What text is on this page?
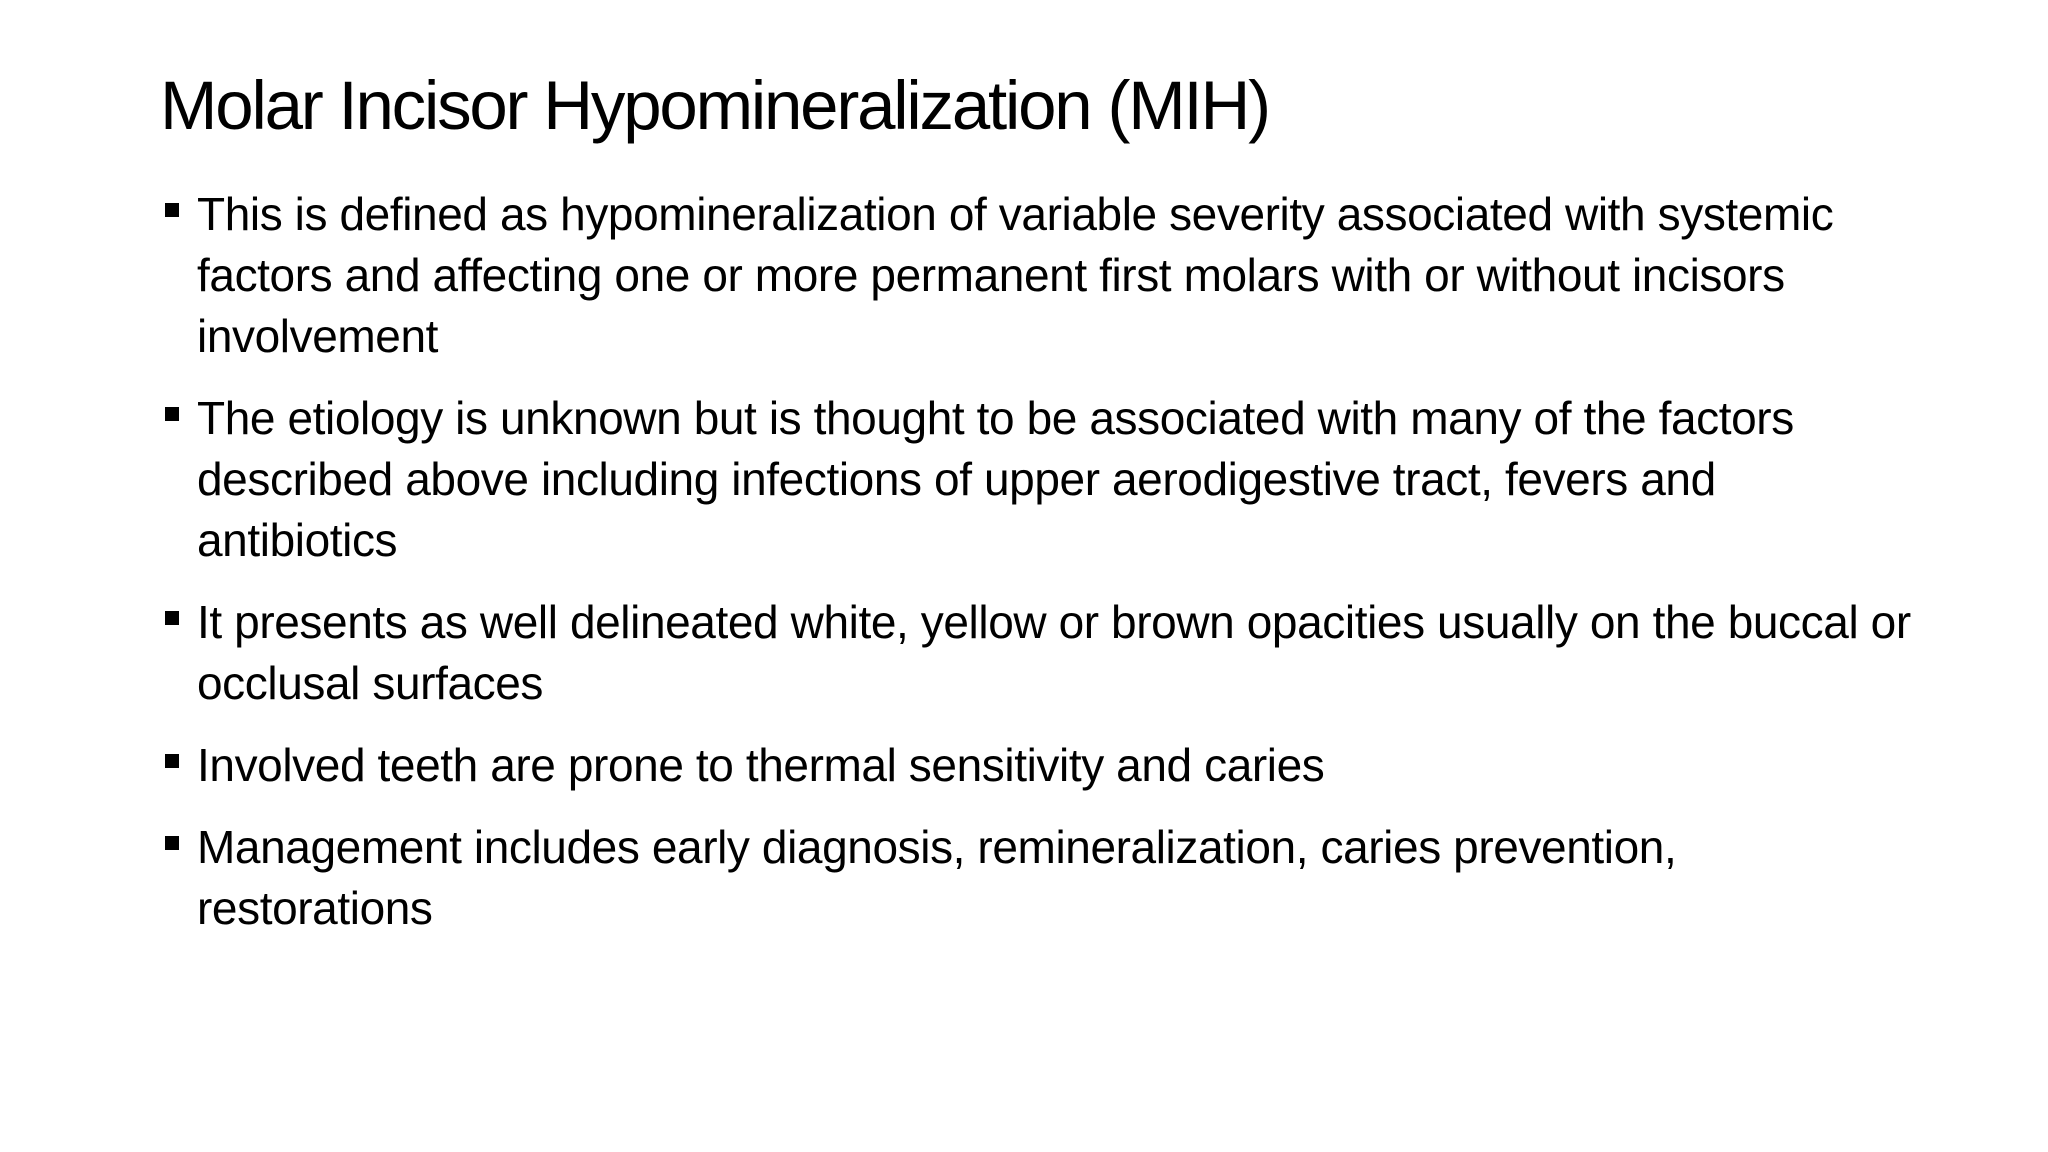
Molar Incisor Hypomineralization (MIH)
This is defined as hypomineralization of variable severity associated with systemic factors and affecting one or more permanent first molars with or without incisors involvement
The etiology is unknown but is thought to be associated with many of the factors described above including infections of upper aerodigestive tract, fevers and antibiotics
It presents as well delineated white, yellow or brown opacities usually on the buccal or occlusal surfaces
Involved teeth are prone to thermal sensitivity and caries
Management includes early diagnosis, remineralization, caries prevention, restorations
